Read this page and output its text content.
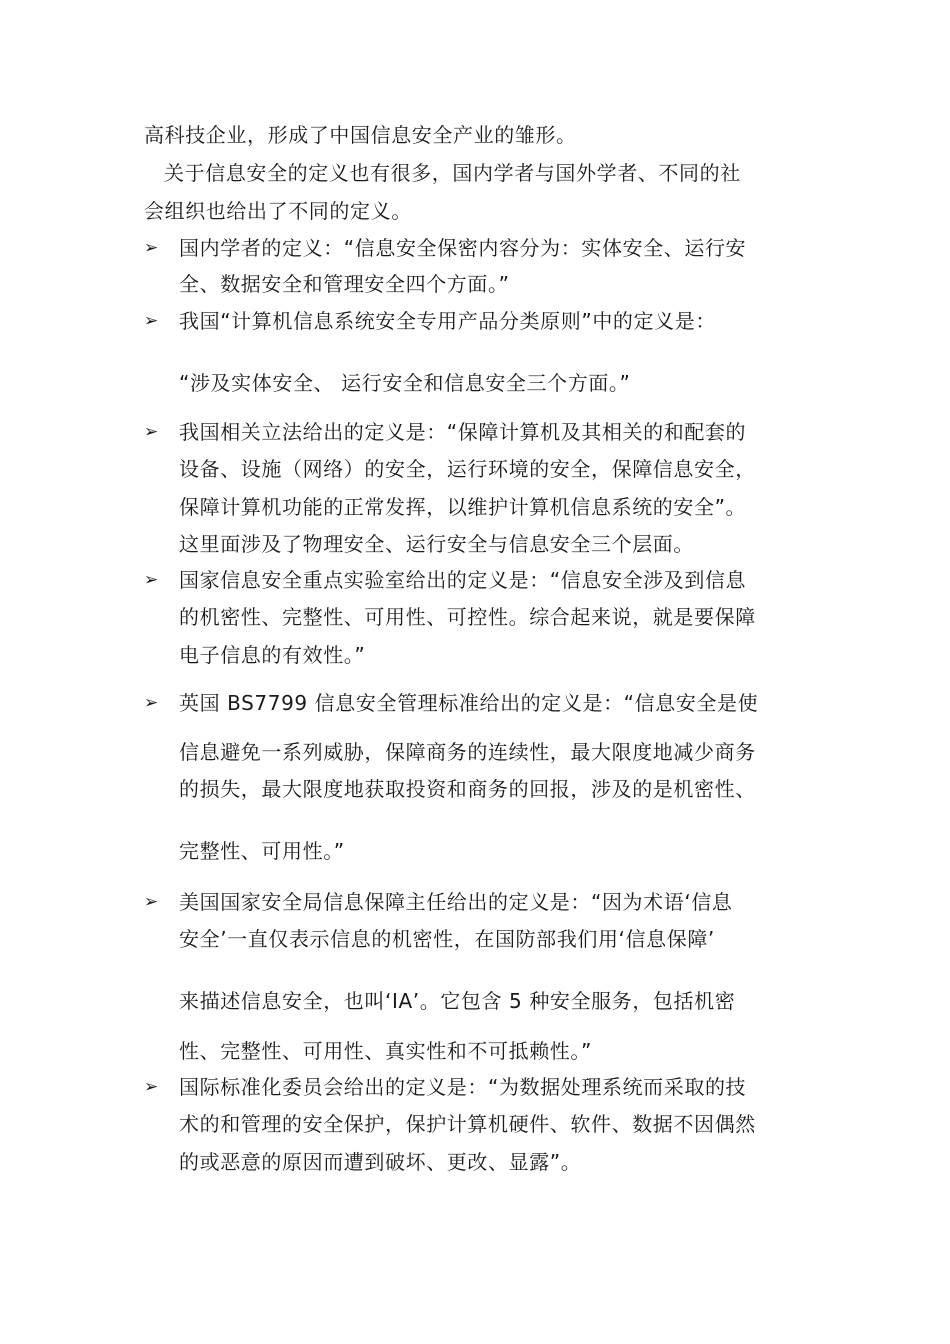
高科技企业，形成了中国信息安全产业的雏形。
关于信息安全的定义也有很多，国内学者与国外学者、不同的社
会组织也给出了不同的定义。
➢ 国内学者的定义：“信息安全保密内容分为：实体安全、运行安
全、数据安全和管理安全四个方面。”
➢ 我国“计算机信息系统安全专用产品分类原则”中的定义是：
“涉及实体安全、 运行安全和信息安全三个方面。”
➢ 我国相关立法给出的定义是：“保障计算机及其相关的和配套的
设备、设施（网络）的安全，运行环境的安全，保障信息安全，
保障计算机功能的正常发挥，以维护计算机信息系统的安全”。
这里面涉及了物理安全、运行安全与信息安全三个层面。
➢ 国家信息安全重点实验室给出的定义是：“信息安全涉及到信息
的机密性、完整性、可用性、可控性。综合起来说，就是要保障
电子信息的有效性。”
➢ 英国 BS7799 信息安全管理标准给出的定义是：“信息安全是使
信息避免一系列威胁，保障商务的连续性，最大限度地减少商务
的损失，最大限度地获取投资和商务的回报，涉及的是机密性、
完整性、可用性。”
➢ 美国国家安全局信息保障主任给出的定义是：“因为术语‘信息
安全’一直仅表示信息的机密性，在国防部我们用‘信息保障’
来描述信息安全，也叫‘IA’。它包含 5 种安全服务，包括机密
性、完整性、可用性、真实性和不可抵赖性。”
➢ 国际标准化委员会给出的定义是：“为数据处理系统而采取的技
术的和管理的安全保护，保护计算机硬件、软件、数据不因偶然
的或恶意的原因而遭到破坏、更改、显露”。
